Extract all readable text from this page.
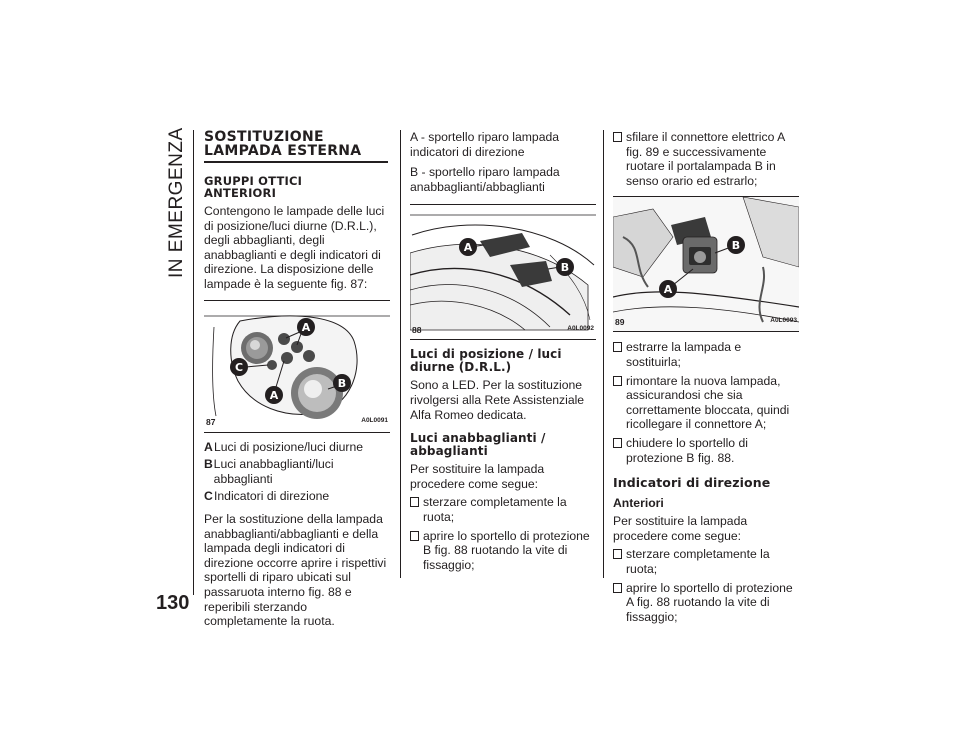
IN EMERGENZA
130
SOSTITUZIONE LAMPADA ESTERNA
GRUPPI OTTICI ANTERIORI

Contengono le lampade delle luci di posizione/luci diurne (D.R.L.), degli abbaglianti, degli anabbaglianti e degli indicatori di direzione. La disposizione delle lampade è la seguente fig. 87:

A
B
C
A
87	A0L0091
A Luci di posizione/luci diurne
B Luci anabbaglianti/luci abbaglianti
C Indicatori di direzione

Per la sostituzione della lampada anabbaglianti/abbaglianti e della lampada degli indicatori di direzione occorre aprire i rispettivi sportelli di riparo ubicati sul passaruota interno fig. 88 e reperibili sterzando completamente la ruota.

A - sportello riparo lampada indicatori di direzione

B - sportello riparo lampada anabbaglianti/abbaglianti

A
B
88	A0L0092
Luci di posizione / luci diurne (D.R.L.)

Sono a LED. Per la sostituzione rivolgersi alla Rete Assistenziale Alfa Romeo dedicata.

Luci anabbaglianti / abbaglianti

Per sostituire la lampada procedere come segue:

sterzare completamente la ruota;
aprire lo sportello di protezione B fig. 88 ruotando la vite di fissaggio;
sfilare il connettore elettrico A fig. 89 e successivamente ruotare il portalampada B in senso orario ed estrarlo;
A
B
89	A0L0093
estrarre la lampada e sostituirla;
rimontare la nuova lampada, assicurandosi che sia correttamente bloccata, quindi ricollegare il connettore A;
chiudere lo sportello di protezione B fig. 88.
Indicatori di direzione
Anteriori

Per sostituire la lampada procedere come segue:

sterzare completamente la ruota;
aprire lo sportello di protezione A fig. 88 ruotando la vite di fissaggio;
